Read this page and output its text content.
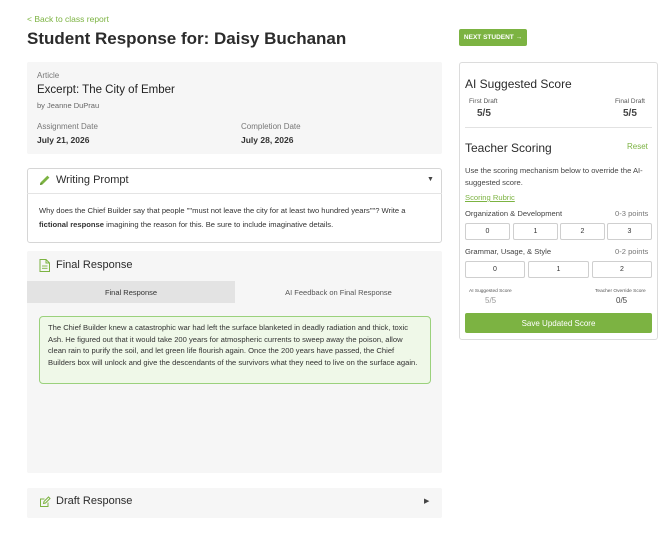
< Back to class report
Student Response for: Daisy Buchanan	NEXT STUDENT →
Article
Excerpt: The City of Ember
by Jeanne DuPrau
Assignment Date
July 21, 2026
Completion Date
July 28, 2026
Writing Prompt	▼
Why does the Chief Builder say that people ""must not leave the city for at least two hundred years""? Write a fictional response imagining the reason for this. Be sure to include imaginative details.
Final Response
Final Response	AI Feedback on Final Response
The Chief Builder knew a catastrophic war had left the surface blanketed in deadly radiation and thick, toxic Ash. He figured out that it would take 200 years for atmospheric currents to sweep away the poison, allow clean rain to purify the soil, and let green life flourish again. Once the 200 years have passed, the Chief Builders box will unlock and give the descendants of the survivors what they need to live on the surface again.
Draft Response	▶
AI Suggested Score
First Draft
5/5
Final Draft
5/5
Teacher Scoring	Reset
Use the scoring mechanism below to override the AI-suggested score.
Scoring Rubric
Organization & Development	0-3 points
0	1	2	3
Grammar, Usage, & Style	0-2 points
0	1	2
AI Suggested Score
5/5
Teacher Override Score
0/5
Save Updated Score
